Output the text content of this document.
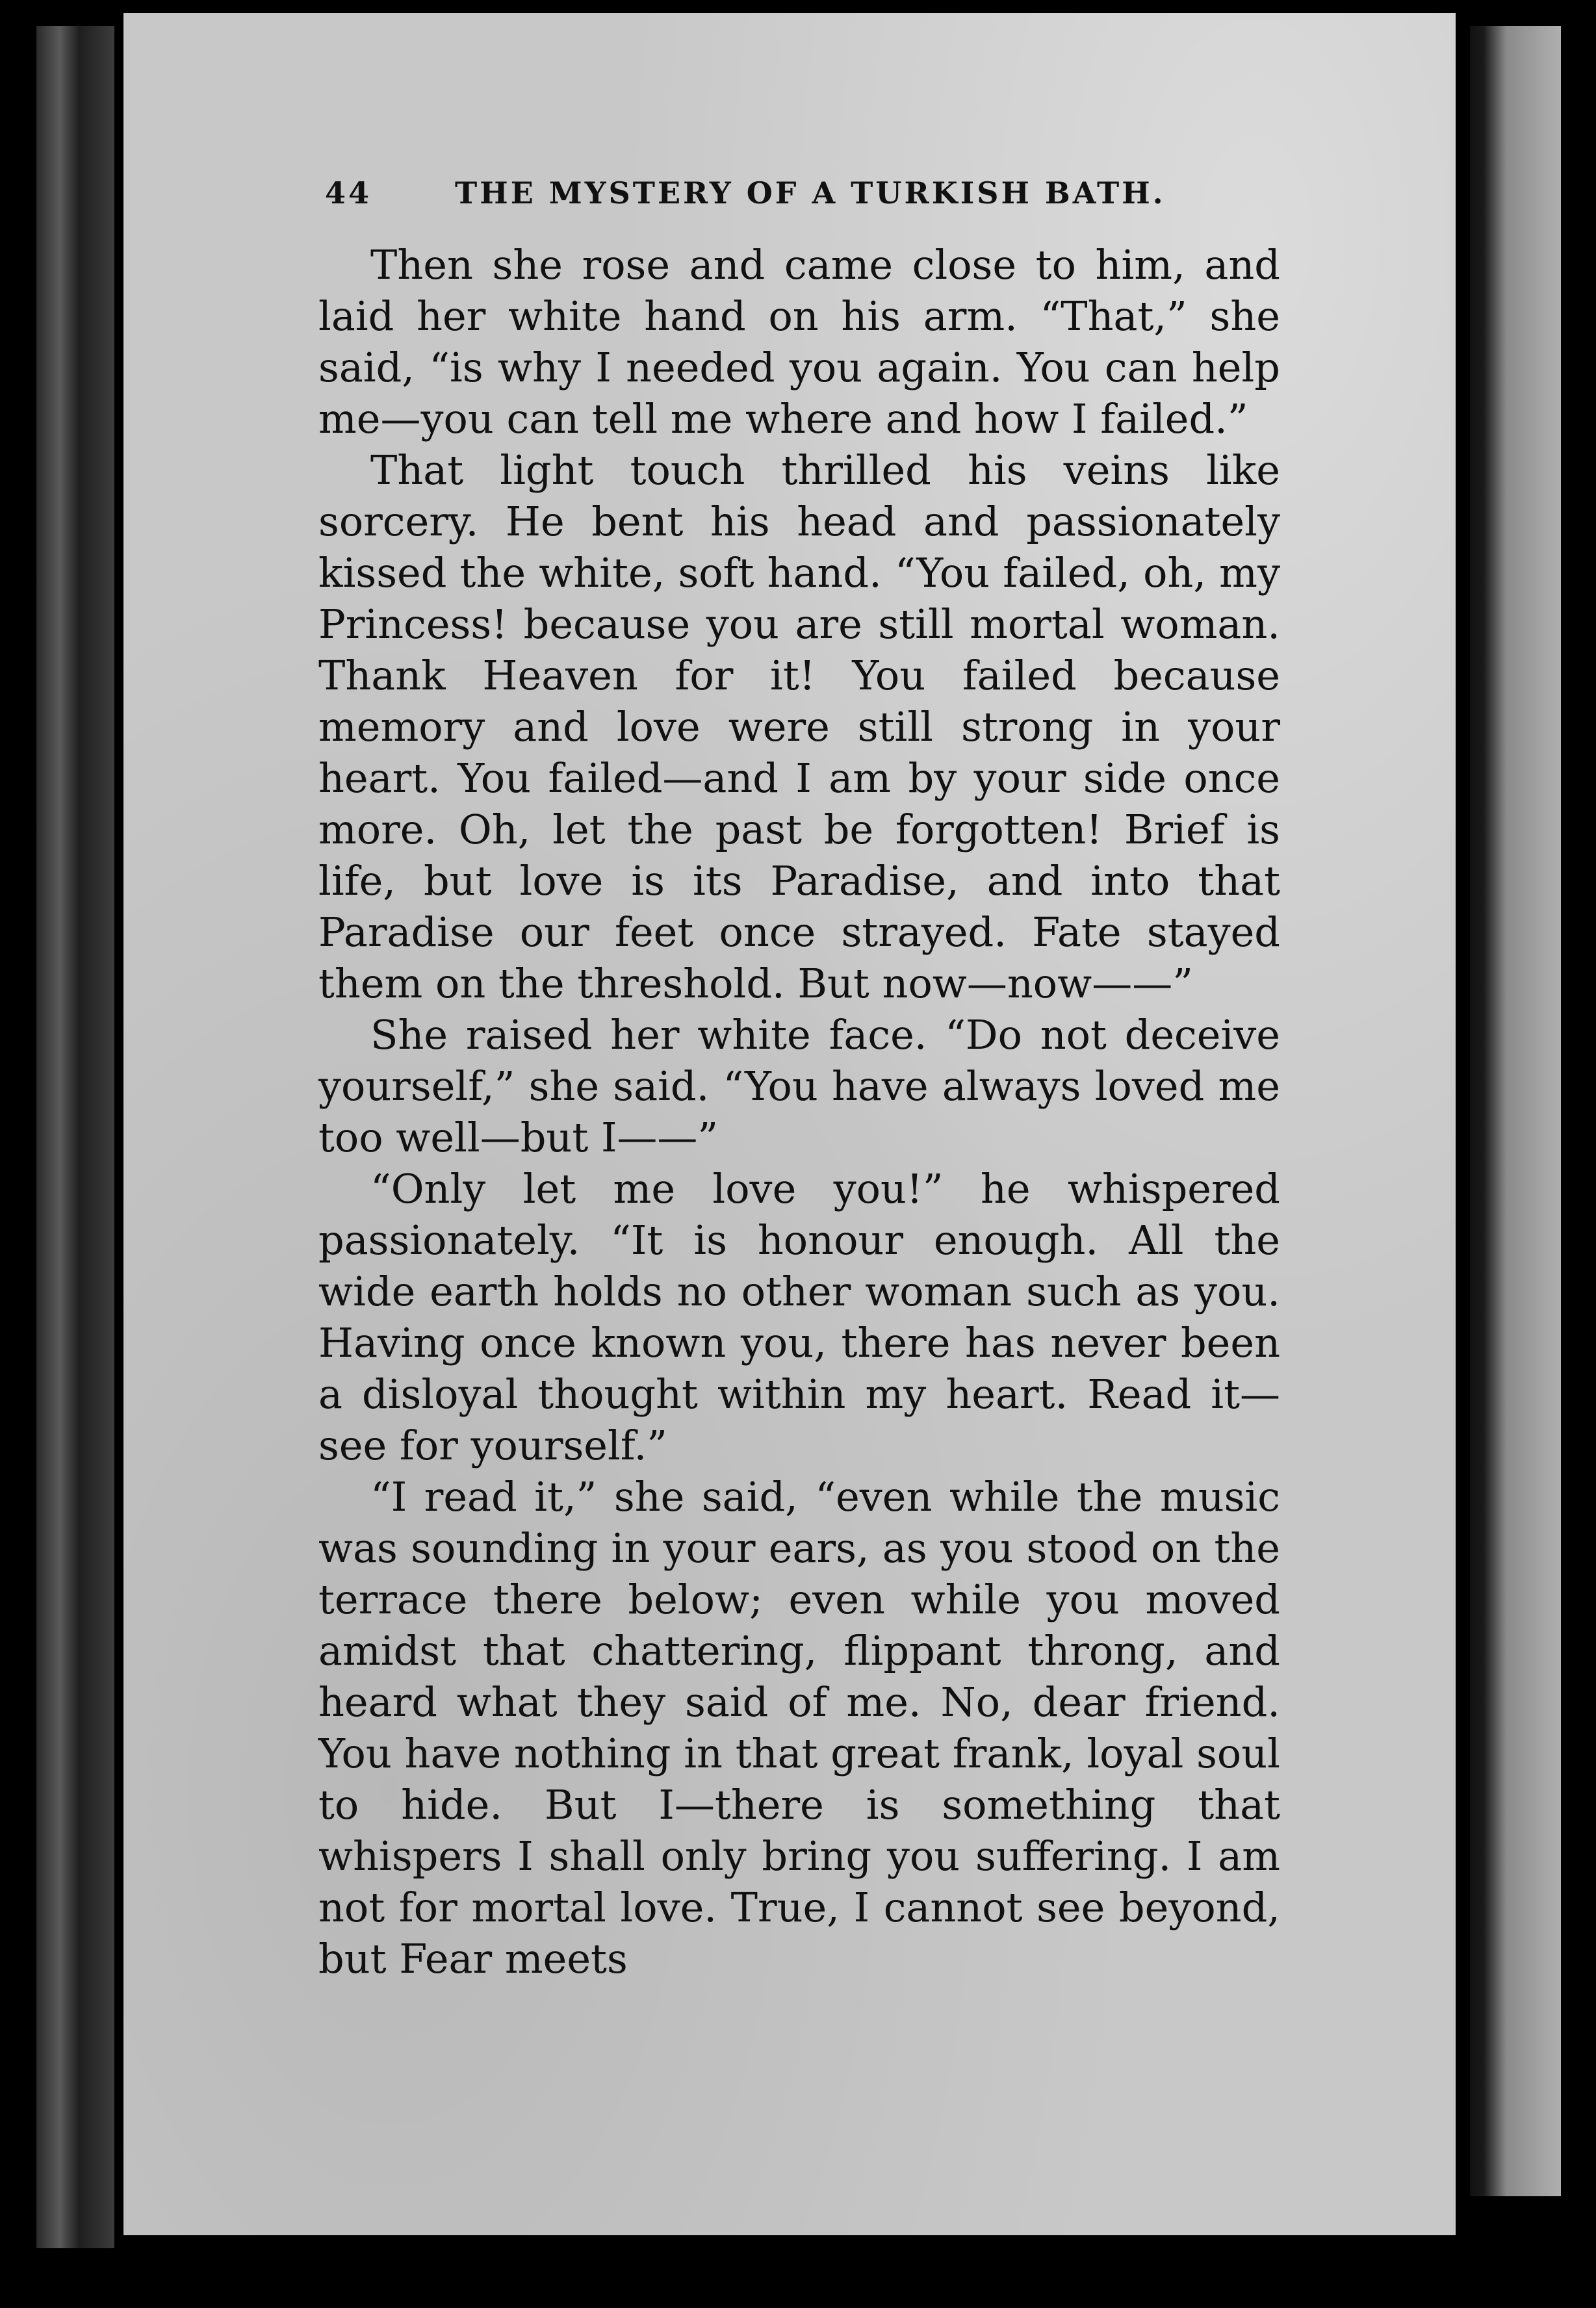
44	THE MYSTERY OF A TURKISH BATH.

Then she rose and came close to him, and laid her white hand on his arm. “That,” she said, “is why I needed you again. You can help me—you can tell me where and how I failed.”

That light touch thrilled his veins like sorcery. He bent his head and passionately kissed the white, soft hand. “You failed, oh, my Princess! because you are still mortal woman. Thank Heaven for it! You failed because memory and love were still strong in your heart. You failed—and I am by your side once more. Oh, let the past be forgotten! Brief is life, but love is its Paradise, and into that Paradise our feet once strayed. Fate stayed them on the threshold. But now—now——”

She raised her white face. “Do not deceive yourself,” she said. “You have always loved me too well—but I——”

“Only let me love you!” he whispered passionately. “It is honour enough. All the wide earth holds no other woman such as you. Having once known you, there has never been a disloyal thought within my heart. Read it—see for yourself.”

“I read it,” she said, “even while the music was sounding in your ears, as you stood on the terrace there below; even while you moved amidst that chattering, flippant throng, and heard what they said of me. No, dear friend. You have nothing in that great frank, loyal soul to hide. But I—there is something that whispers I shall only bring you suffering. I am not for mortal love. True, I cannot see beyond, but Fear meets
